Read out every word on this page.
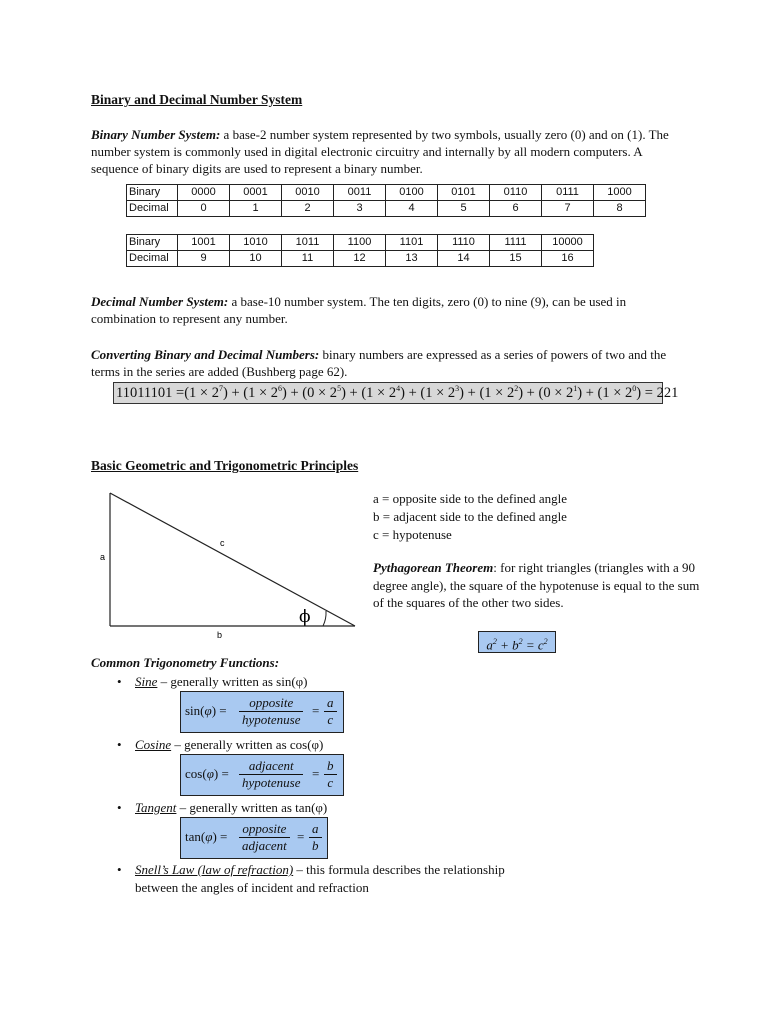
Binary and Decimal Number System
Binary Number System: a base-2 number system represented by two symbols, usually zero (0) and on (1). The number system is commonly used in digital electronic circuitry and internally by all modern computers. A sequence of binary digits are used to represent a binary number.
Binary	0000	0001	0010	0011	0100	0101	0110	0111	1000
Decimal	0	1	2	3	4	5	6	7	8
Binary	1001	1010	1011	1100	1101	1110	1111	10000
Decimal	9	10	11	12	13	14	15	16
Decimal Number System: a base-10 number system. The ten digits, zero (0) to nine (9), can be used in combination to represent any number.
Converting Binary and Decimal Numbers: binary numbers are expressed as a series of powers of two and the terms in the series are added (Bushberg page 62).
$11011101 =(1 \times 2^7) + (1 \times 2^6) + (0 \times 2^5) + (1 \times 2^4) + (1 \times 2^3) + (1 \times 2^2) + (0 \times 2^1) + (1 \times 2^0) = 221$
Basic Geometric and Trigonometric Principles
a
c
b
ϕ
a = opposite side to the defined angle
b = adjacent side to the defined angle
c = hypotenuse
Pythagorean Theorem: for right triangles (triangles with a 90 degree angle), the square of the hypotenuse is equal to the sum of the squares of the other two sides.
$a^2 + b^2 = c^2$
Common Trigonometry Functions:
• Sine – generally written as sin(φ)
sin(φ) =
opposite
hypotenuse
= $\frac{a}{c}$
• Cosine – generally written as cos(φ)
cos(φ) =
adjacent
hypotenuse
= $\frac{b}{c}$
• Tangent – generally written as tan(φ)
tan(φ) =
opposite
adjacent
= $\frac{a}{b}$
•	Snell’s Law (law of refraction) – this formula describes the relationship between the angles of incident and refraction
